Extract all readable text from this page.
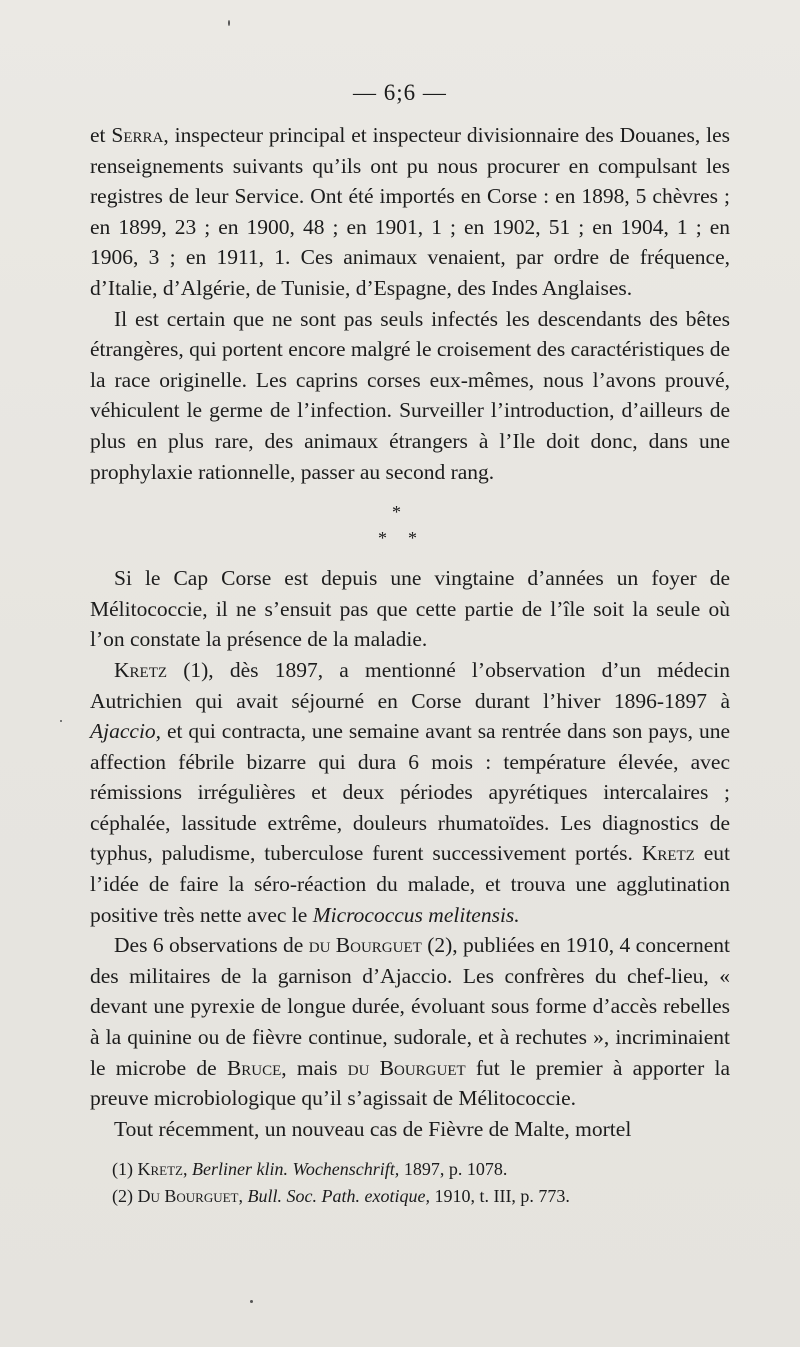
— 6;6 —

et Serra, inspecteur principal et inspecteur divisionnaire des Douanes, les renseignements suivants qu’ils ont pu nous procurer en compulsant les registres de leur Service. Ont été importés en Corse : en 1898, 5 chèvres ; en 1899, 23 ; en 1900, 48 ; en 1901, 1 ; en 1902, 51 ; en 1904, 1 ; en 1906, 3 ; en 1911, 1. Ces animaux venaient, par ordre de fréquence, d’Italie, d’Algérie, de Tunisie, d’Espagne, des Indes Anglaises.

Il est certain que ne sont pas seuls infectés les descendants des bêtes étrangères, qui portent encore malgré le croisement des caractéristiques de la race originelle. Les caprins corses eux-mêmes, nous l’avons prouvé, véhiculent le germe de l’infection. Surveiller l’introduction, d’ailleurs de plus en plus rare, des animaux étrangers à l’Ile doit donc, dans une prophylaxie rationnelle, passer au second rang.

*
* *

Si le Cap Corse est depuis une vingtaine d’années un foyer de Mélitococcie, il ne s’ensuit pas que cette partie de l’île soit la seule où l’on constate la présence de la maladie.

Kretz (1), dès 1897, a mentionné l’observation d’un médecin Autrichien qui avait séjourné en Corse durant l’hiver 1896-1897 à Ajaccio, et qui contracta, une semaine avant sa rentrée dans son pays, une affection fébrile bizarre qui dura 6 mois : température élevée, avec rémissions irrégulières et deux périodes apyrétiques intercalaires ; céphalée, lassitude extrême, douleurs rhumatoïdes. Les diagnostics de typhus, paludisme, tuberculose furent successivement portés. Kretz eut l’idée de faire la séro-réaction du malade, et trouva une agglutination positive très nette avec le Micrococcus melitensis.

Des 6 observations de du Bourguet (2), publiées en 1910, 4 concernent des militaires de la garnison d’Ajaccio. Les confrères du chef-lieu, « devant une pyrexie de longue durée, évoluant sous forme d’accès rebelles à la quinine ou de fièvre continue, sudorale, et à rechutes », incriminaient le microbe de Bruce, mais du Bourguet fut le premier à apporter la preuve microbiologique qu’il s’agissait de Mélitococcie.

Tout récemment, un nouveau cas de Fièvre de Malte, mortel

(1) Kretz, Berliner klin. Wochenschrift, 1897, p. 1078.

(2) Du Bourguet, Bull. Soc. Path. exotique, 1910, t. III, p. 773.
